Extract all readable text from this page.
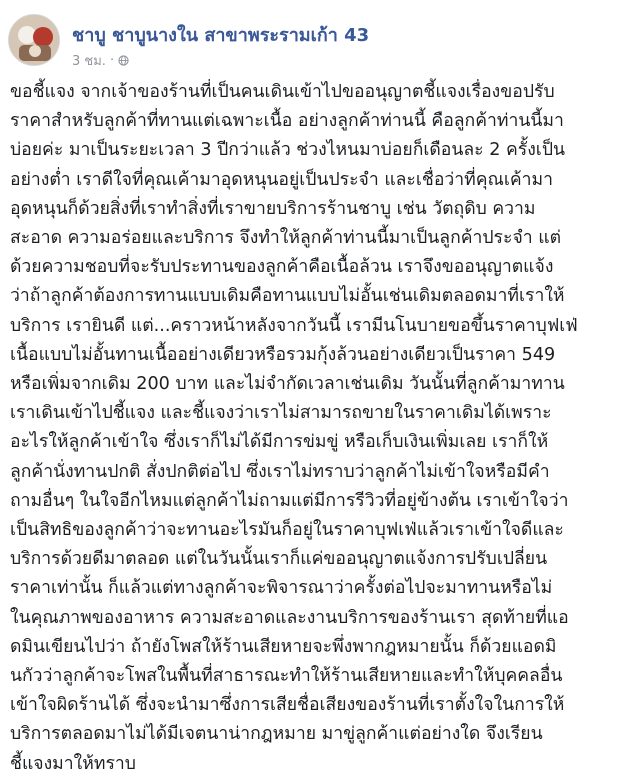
ชาบู ชาบูนางใน สาขาพระรามเก้า 43
3 ชม. ·
ขอชี้แจง จากเจ้าของร้านที่เป็นคนเดินเข้าไปขออนุญาตชี้แจงเรื่องขอปรับ
ราคาสำหรับลูกค้าที่ทานแต่เฉพาะเนื้อ อย่างลูกค้าท่านนี้ คือลูกค้าท่านนี้มา
บ่อยค่ะ มาเป็นระยะเวลา 3 ปีกว่าแล้ว ช่วงไหนมาบ่อยก็เดือนละ 2 ครั้งเป็น
อย่างต่ำ เราดีใจที่คุณเค้ามาอุดหนุนอยู่เป็นประจำ และเชื่อว่าที่คุณเค้ามา
อุดหนุนก็ด้วยสิ่งที่เราทำสิ่งที่เราขายบริการร้านชาบู เช่น วัตถุดิบ ความ
สะอาด ความอร่อยและบริการ จึงทำให้ลูกค้าท่านนี้มาเป็นลูกค้าประจำ แต่
ด้วยความชอบที่จะรับประทานของลูกค้าคือเนื้อล้วน เราจึงขออนุญาตแจ้ง
ว่าถ้าลูกค้าต้องการทานแบบเดิมคือทานแบบไม่อั้นเช่นเดิมตลอดมาที่เราให้
บริการ เรายินดี แต่...คราวหน้าหลังจากวันนี้ เรามีนโนบายขอขึ้นราคาบุฟเฟ่
เนื้อแบบไม่อั้นทานเนื้ออย่างเดียวหรือรวมกุ้งล้วนอย่างเดียวเป็นราคา 549
หรือเพิ่มจากเดิม 200 บาท และไม่จำกัดเวลาเช่นเดิม วันนั้นที่ลูกค้ามาทาน
เราเดินเข้าไปชี้แจง และชี้แจงว่าเราไม่สามารถขายในราคาเดิมได้เพราะ
อะไรให้ลูกค้าเข้าใจ ซึ่งเราก็ไม่ได้มีการข่มขู่ หรือเก็บเงินเพิ่มเลย เราก็ให้
ลูกค้านั่งทานปกติ สั่งปกติต่อไป ซึ่งเราไม่ทราบว่าลูกค้าไม่เข้าใจหรือมีคำ
ถามอื่นๆ ในใจอีกไหมแต่ลูกค้าไม่ถามแต่มีการรีวิวที่อยู่ข้างต้น เราเข้าใจว่า
เป็นสิทธิของลูกค้าว่าจะทานอะไรมันก็อยู่ในราคาบุฟเฟ่แล้วเราเข้าใจดีและ
บริการด้วยดีมาตลอด แต่ในวันนั้นเราก็แค่ขออนุญาตแจ้งการปรับเปลี่ยน
ราคาเท่านั้น ก็แล้วแต่ทางลูกค้าจะพิจารณาว่าครั้งต่อไปจะมาทานหรือไม่
ในคุณภาพของอาหาร ความสะอาดและงานบริการของร้านเรา สุดท้ายที่แอ
ดมินเขียนไปว่า ถ้ายังโพสให้ร้านเสียหายจะพึ่งพากฎหมายนั้น ก็ด้วยแอดมิ
นกัวว่าลูกค้าจะโพสในพื้นที่สาธารณะทำให้ร้านเสียหายและทำให้บุคคลอื่น
เข้าใจผิดร้านได้ ซึ่งจะนำมาซึ่งการเสียชื่อเสียงของร้านที่เราตั้งใจในการให้
บริการตลอดมาไม่ได้มีเจตนาน่ากฎหมาย มาขู่ลูกค้าแต่อย่างใด จึงเรียน
ชี้แจงมาให้ทราบ
